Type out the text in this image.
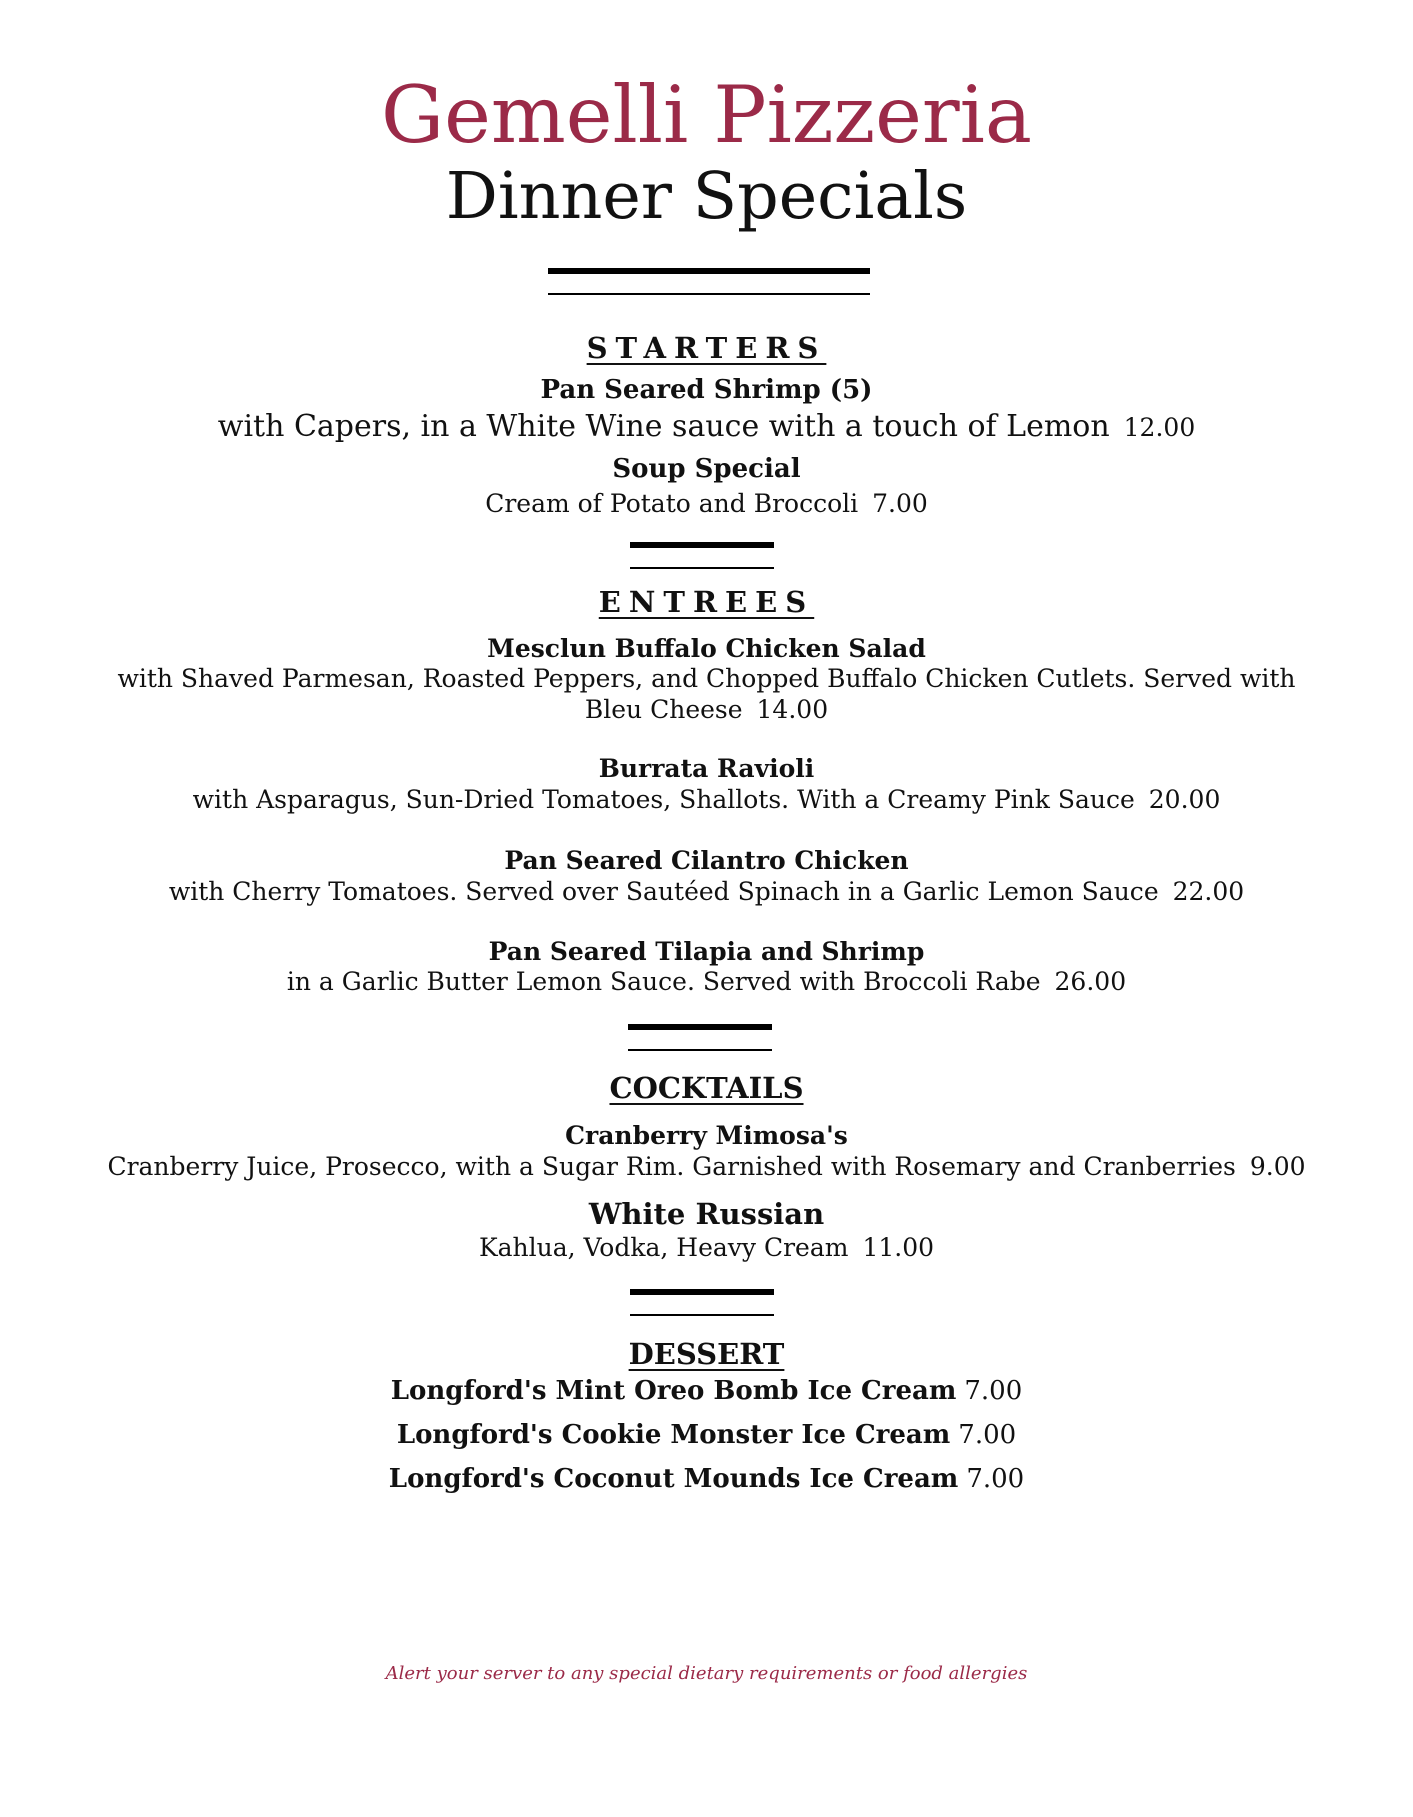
Gemelli Pizzeria
Dinner Specials
STARTERS
Pan Seared Shrimp (5)
with Capers, in a White Wine sauce with a touch of Lemon 12.00
Soup Special
Cream of Potato and Broccoli 7.00
ENTREES
Mesclun Buffalo Chicken Salad
with Shaved Parmesan, Roasted Peppers, and Chopped Buffalo Chicken Cutlets. Served with Bleu Cheese 14.00
Burrata Ravioli
with Asparagus, Sun-Dried Tomatoes, Shallots. With a Creamy Pink Sauce 20.00
Pan Seared Cilantro Chicken
with Cherry Tomatoes. Served over Sautéed Spinach in a Garlic Lemon Sauce 22.00
Pan Seared Tilapia and Shrimp
in a Garlic Butter Lemon Sauce. Served with Broccoli Rabe 26.00
COCKTAILS
Cranberry Mimosa's
Cranberry Juice, Prosecco, with a Sugar Rim. Garnished with Rosemary and Cranberries 9.00
White Russian
Kahlua, Vodka, Heavy Cream 11.00
DESSERT
Longford's Mint Oreo Bomb Ice Cream 7.00
Longford's Cookie Monster Ice Cream 7.00
Longford's Coconut Mounds Ice Cream 7.00
Alert your server to any special dietary requirements or food allergies
